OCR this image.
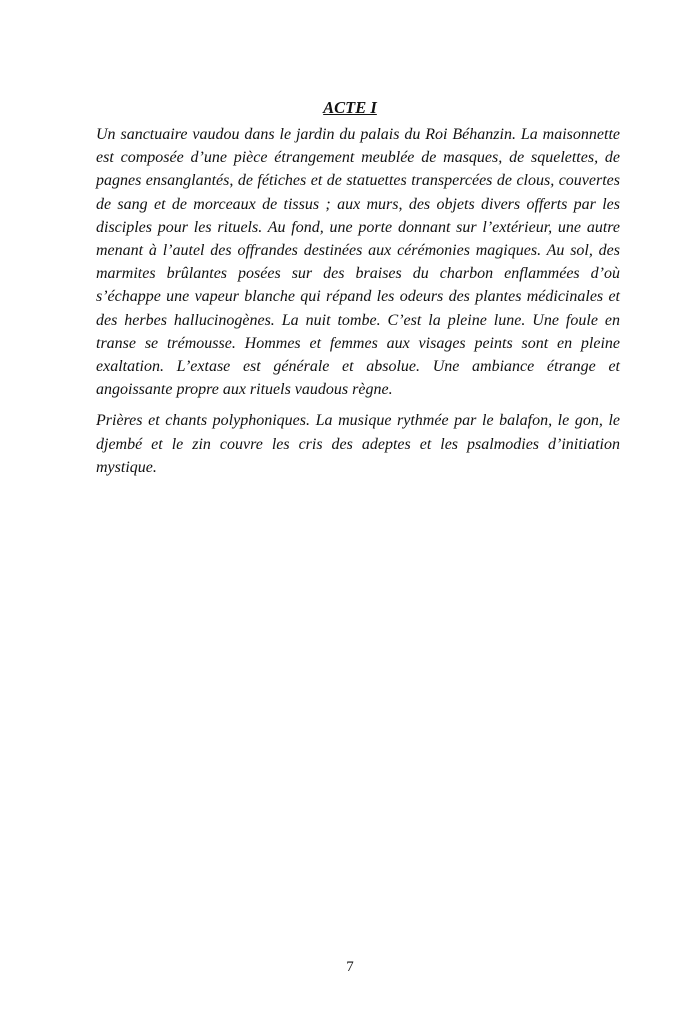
ACTE I

Un sanctuaire vaudou dans le jardin du palais du Roi Béhanzin. La maisonnette est composée d’une pièce étrangement meublée de masques, de squelettes, de pagnes ensanglantés, de fétiches et de statuettes transpercées de clous, couvertes de sang et de morceaux de tissus ; aux murs, des objets divers offerts par les disciples pour les rituels. Au fond, une porte donnant sur l’extérieur, une autre menant à l’autel des offrandes destinées aux cérémonies magiques. Au sol, des marmites brûlantes posées sur des braises du charbon enflammées d’où s’échappe une vapeur blanche qui répand les odeurs des plantes médicinales et des herbes hallucinogènes. La nuit tombe. C’est la pleine lune. Une foule en transe se trémousse. Hommes et femmes aux visages peints sont en pleine exaltation. L’extase est générale et absolue. Une ambiance étrange et angoissante propre aux rituels vaudous règne.

Prières et chants polyphoniques. La musique rythmée par le balafon, le gon, le djembé et le zin couvre les cris des adeptes et les psalmodies d’initiation mystique.

7
